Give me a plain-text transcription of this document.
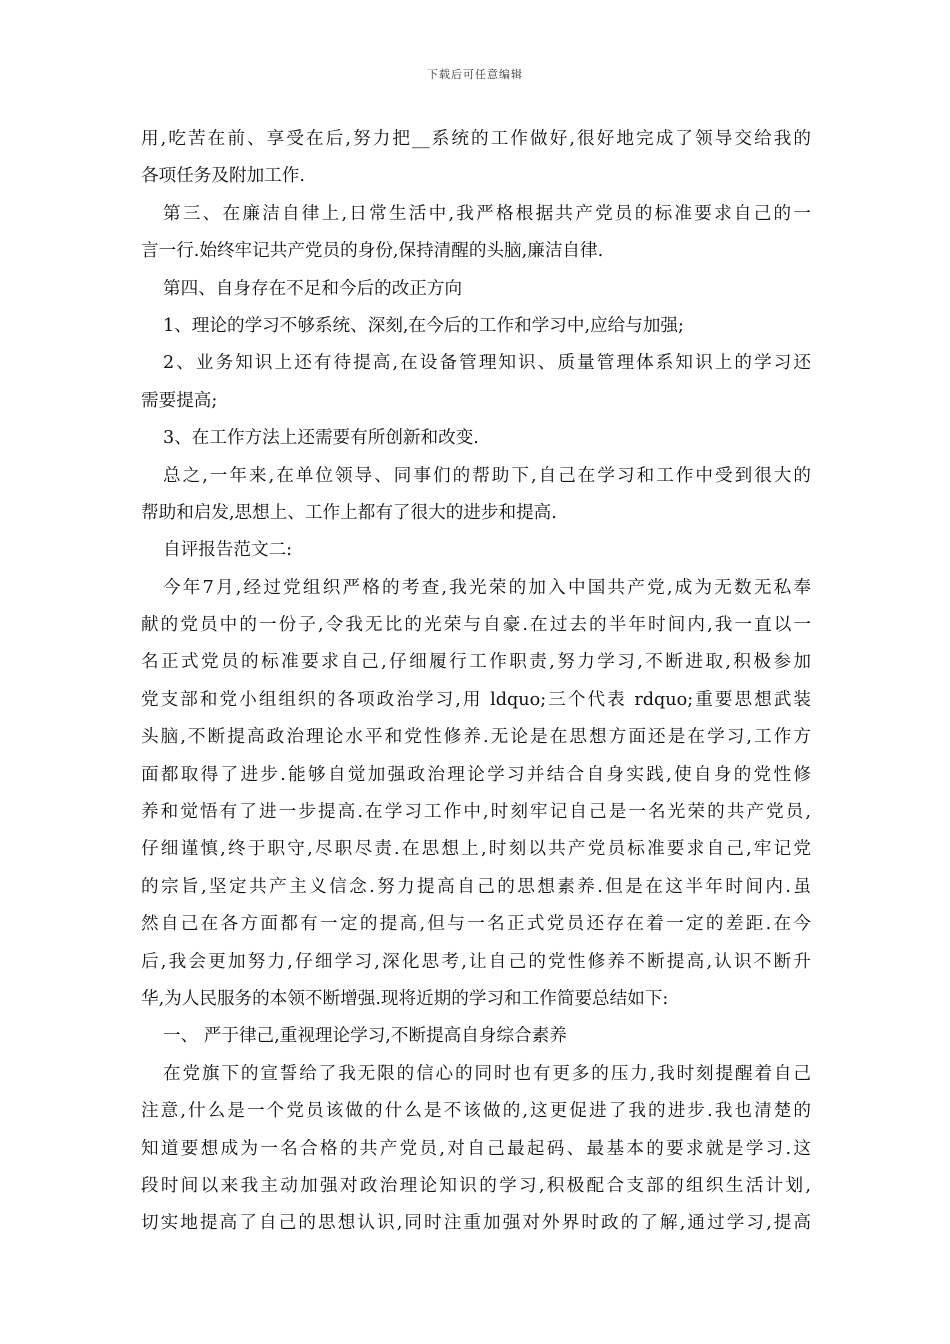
下载后可任意编辑
用,吃苦在前、享受在后,努力把__系统的工作做好,很好地完成了领导交给我的
各项任务及附加工作.
第三、在廉洁自律上,日常生活中,我严格根据共产党员的标准要求自己的一
言一行.始终牢记共产党员的身份,保持清醒的头脑,廉洁自律.
第四、自身存在不足和今后的改正方向
1、理论的学习不够系统、深刻,在今后的工作和学习中,应给与加强;
2、业务知识上还有待提高,在设备管理知识、质量管理体系知识上的学习还
需要提高;
3、在工作方法上还需要有所创新和改变.
总之,一年来,在单位领导、同事们的帮助下,自己在学习和工作中受到很大的
帮助和启发,思想上、工作上都有了很大的进步和提高.
自评报告范文二:
今年7月,经过党组织严格的考查,我光荣的加入中国共产党,成为无数无私奉
献的党员中的一份子,令我无比的光荣与自豪.在过去的半年时间内,我一直以一
名正式党员的标准要求自己,仔细履行工作职责,努力学习,不断进取,积极参加
党支部和党小组组织的各项政治学习,用 ldquo;三个代表 rdquo;重要思想武装
头脑,不断提高政治理论水平和党性修养.无论是在思想方面还是在学习,工作方
面都取得了进步.能够自觉加强政治理论学习并结合自身实践,使自身的党性修
养和觉悟有了进一步提高.在学习工作中,时刻牢记自己是一名光荣的共产党员,
仔细谨慎,终于职守,尽职尽责.在思想上,时刻以共产党员标准要求自己,牢记党
的宗旨,坚定共产主义信念.努力提高自己的思想素养.但是在这半年时间内.虽
然自己在各方面都有一定的提高,但与一名正式党员还存在着一定的差距.在今
后,我会更加努力,仔细学习,深化思考,让自己的党性修养不断提高,认识不断升
华,为人民服务的本领不断增强.现将近期的学习和工作简要总结如下:
一、 严于律己,重视理论学习,不断提高自身综合素养
在党旗下的宣誓给了我无限的信心的同时也有更多的压力,我时刻提醒着自己
注意,什么是一个党员该做的什么是不该做的,这更促进了我的进步.我也清楚的
知道要想成为一名合格的共产党员,对自己最起码、最基本的要求就是学习.这
段时间以来我主动加强对政治理论知识的学习,积极配合支部的组织生活计划,
切实地提高了自己的思想认识,同时注重加强对外界时政的了解,通过学习,提高
